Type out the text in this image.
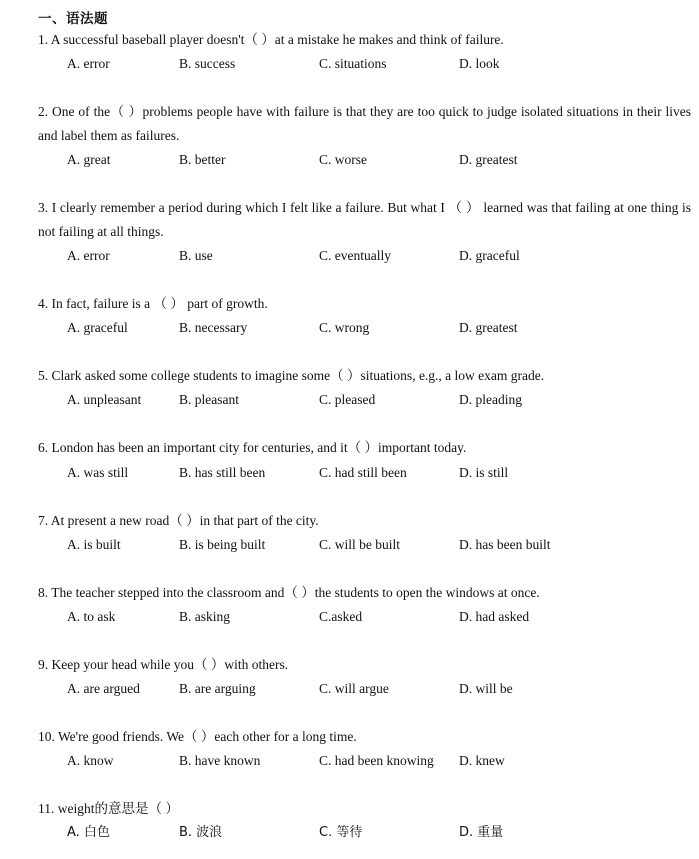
一、语法题
1. A successful baseball player doesn't（ ）at a mistake he makes and think of failure.
A. error	B. success	C. situations	D. look
2. One of the（ ）problems people have with failure is that they are too quick to judge isolated situations in their lives and label them as failures.
A. great	B. better	C. worse	D. greatest
3. I clearly remember a period during which I felt like a failure. But what I （ ） learned was that failing at one thing is not failing at all things.
A. error	B. use	C. eventually	D. graceful
4. In fact, failure is a （ ） part of growth.
A. graceful	B. necessary	C. wrong	D. greatest
5. Clark asked some college students to imagine some（ ）situations, e.g., a low exam grade.
A. unpleasant	B. pleasant	C. pleased	D. pleading
6. London has been an important city for centuries, and it（ ）important today.
A. was still	B. has still been	C. had still been	D. is still
7. At present a new road（ ）in that part of the city.
A. is built	B. is being built	C. will be built	D. has been built
8. The teacher stepped into the classroom and（ ）the students to open the windows at once.
A. to ask	B. asking	C.asked	D. had asked
9. Keep your head while you（ ）with others.
A. are argued	B. are arguing	C. will argue	D. will be
10. We're good friends. We（ ）each other for a long time.
A. know	B. have known	C. had been knowing D. knew
11. weight的意思是（ ）
A. 白色	B. 波浪	C. 等待	D. 重量
